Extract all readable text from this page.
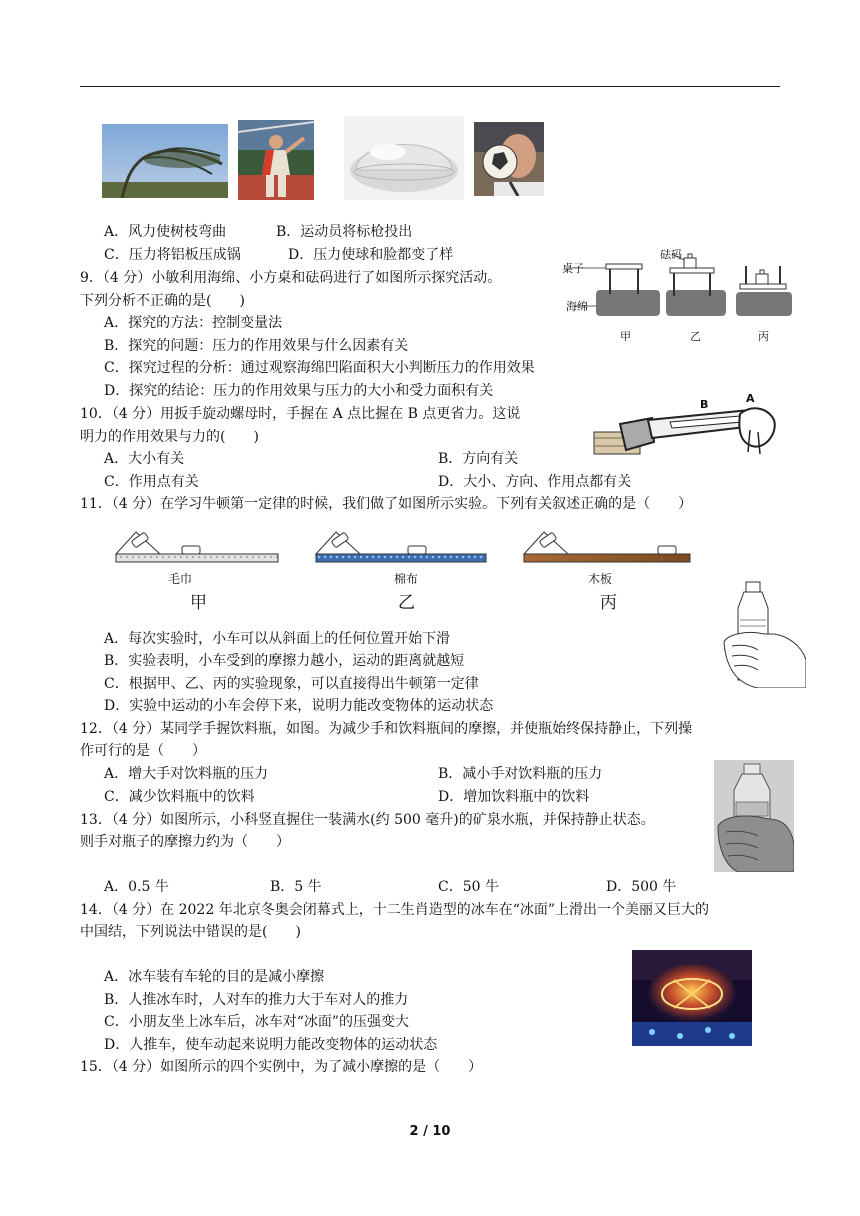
A．风力使树枝弯曲	B．运动员将标枪投出
C．压力将铝板压成锅	D．压力使球和脸都变了样
9．（4 分）小敏利用海绵、小方桌和砝码进行了如图所示探究活动。
下列分析不正确的是(　　)
A．探究的方法：控制变量法
B．探究的问题：压力的作用效果与什么因素有关
C．探究过程的分析：通过观察海绵凹陷面积大小判断压力的作用效果
D．探究的结论：压力的作用效果与压力的大小和受力面积有关
桌子
砝码
海绵
甲	乙	丙
10．（4 分）用扳手旋动螺母时，手握在 A 点比握在 B 点更省力。这说
明力的作用效果与力的(　　)
A．大小有关	B．方向有关
C．作用点有关	D．大小、方向、作用点都有关
B	A
11．（4 分）在学习牛顿第一定律的时候，我们做了如图所示实验。下列有关叙述正确的是（　　）
毛巾	棉布	木板
甲	乙	丙
A．每次实验时，小车可以从斜面上的任何位置开始下滑
B．实验表明，小车受到的摩擦力越小，运动的距离就越短
C．根据甲、乙、丙的实验现象，可以直接得出牛顿第一定律
D．实验中运动的小车会停下来，说明力能改变物体的运动状态
12．（4 分）某同学手握饮料瓶，如图。为减少手和饮料瓶间的摩擦，并使瓶始终保持静止，下列操
作可行的是（　　）
A．增大手对饮料瓶的压力	B．减小手对饮料瓶的压力
C．减少饮料瓶中的饮料	D．增加饮料瓶中的饮料
13．（4 分）如图所示，小科竖直握住一装满水(约 500 毫升)的矿泉水瓶，并保持静止状态。
则手对瓶子的摩擦力约为（　　）
A．0.5 牛	B．5 牛	C．50 牛	D．500 牛
14．（4 分）在 2022 年北京冬奥会闭幕式上，十二生肖造型的冰车在“冰面”上滑出一个美丽又巨大的
中国结，下列说法中错误的是(　　)
A．冰车装有车轮的目的是减小摩擦
B．人推冰车时，人对车的推力大于车对人的推力
C．小朋友坐上冰车后，冰车对“冰面”的压强变大
D．人推车，使车动起来说明力能改变物体的运动状态
15．（4 分）如图所示的四个实例中，为了减小摩擦的是（　　）
2 / 10
